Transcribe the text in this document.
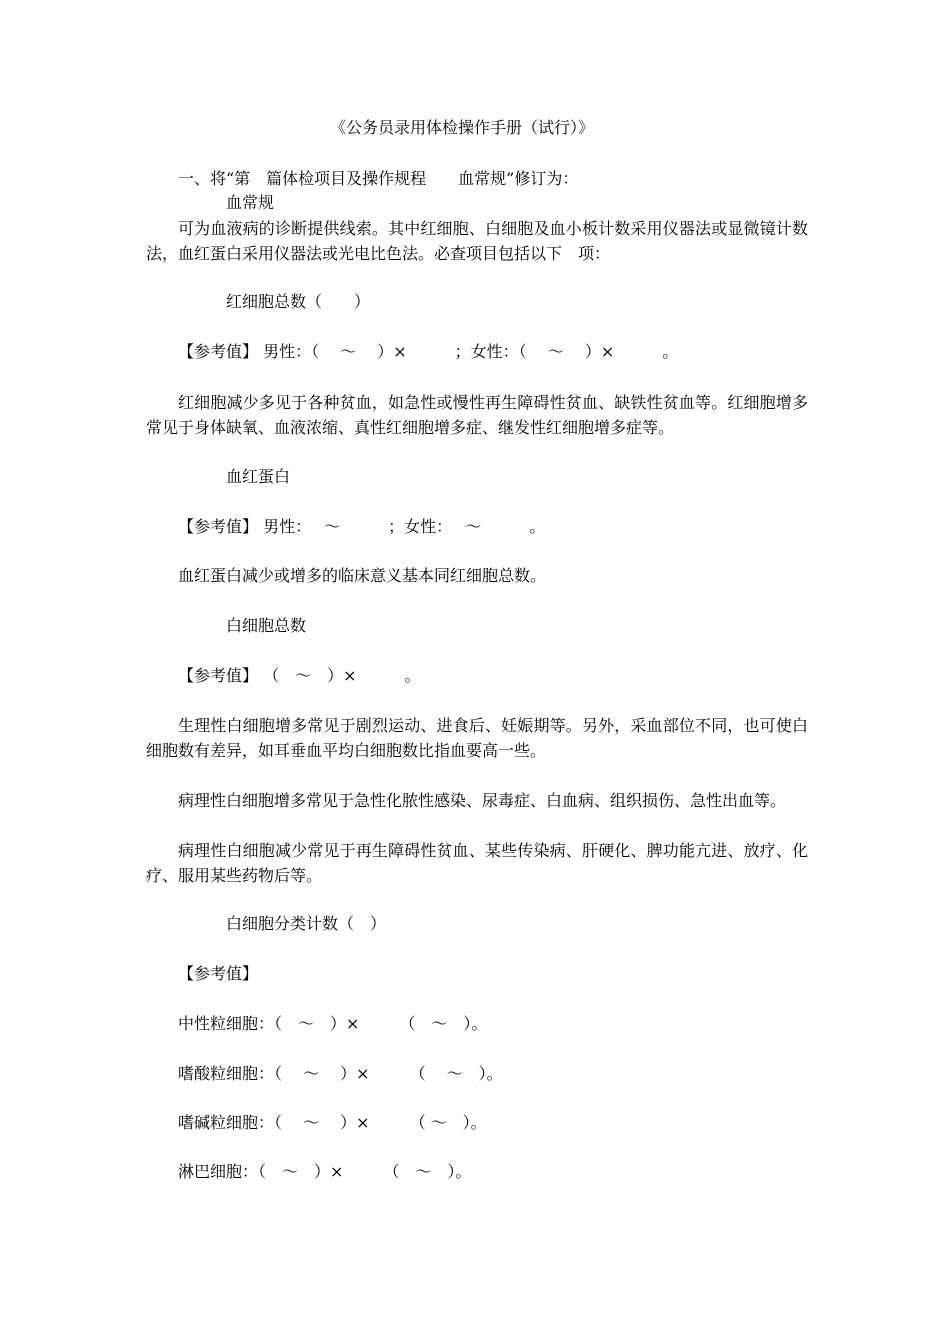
《公务员录用体检操作手册（试行）》
一、将“第　篇体检项目及操作规程　　血常规”修订为：
血常规
可为血液病的诊断提供线索。其中红细胞、白细胞及血小板计数采用仪器法或显微镜计数法，血红蛋白采用仪器法或光电比色法。必查项目包括以下　项：
红细胞总数（　　）
【参考值】 男性：（　 ～　 ）×　　　；女性：（　 ～　 ）×　　　。
红细胞减少多见于各种贫血，如急性或慢性再生障碍性贫血、缺铁性贫血等。红细胞增多常见于身体缺氧、血液浓缩、真性红细胞增多症、继发性红细胞增多症等。
血红蛋白
【参考值】 男性：　 ～　　　；女性：　 ～　　　。
血红蛋白减少或增多的临床意义基本同红细胞总数。
白细胞总数
【参考值】 （　～　）×　　　。
生理性白细胞增多常见于剧烈运动、进食后、妊娠期等。另外，采血部位不同，也可使白细胞数有差异，如耳垂血平均白细胞数比指血要高一些。
病理性白细胞增多常见于急性化脓性感染、尿毒症、白血病、组织损伤、急性出血等。
病理性白细胞减少常见于再生障碍性贫血、某些传染病、肝硬化、脾功能亢进、放疗、化疗、服用某些药物后等。
白细胞分类计数（　）
【参考值】
中性粒细胞：（　～　）×　　　（　～　）。
嗜酸粒细胞：（　 ～　 ）×　　　（　 ～　）。
嗜碱粒细胞：（　 ～　 ）×　　　（ ～　）。
淋巴细胞：（　～　）×　　　（　～　）。
